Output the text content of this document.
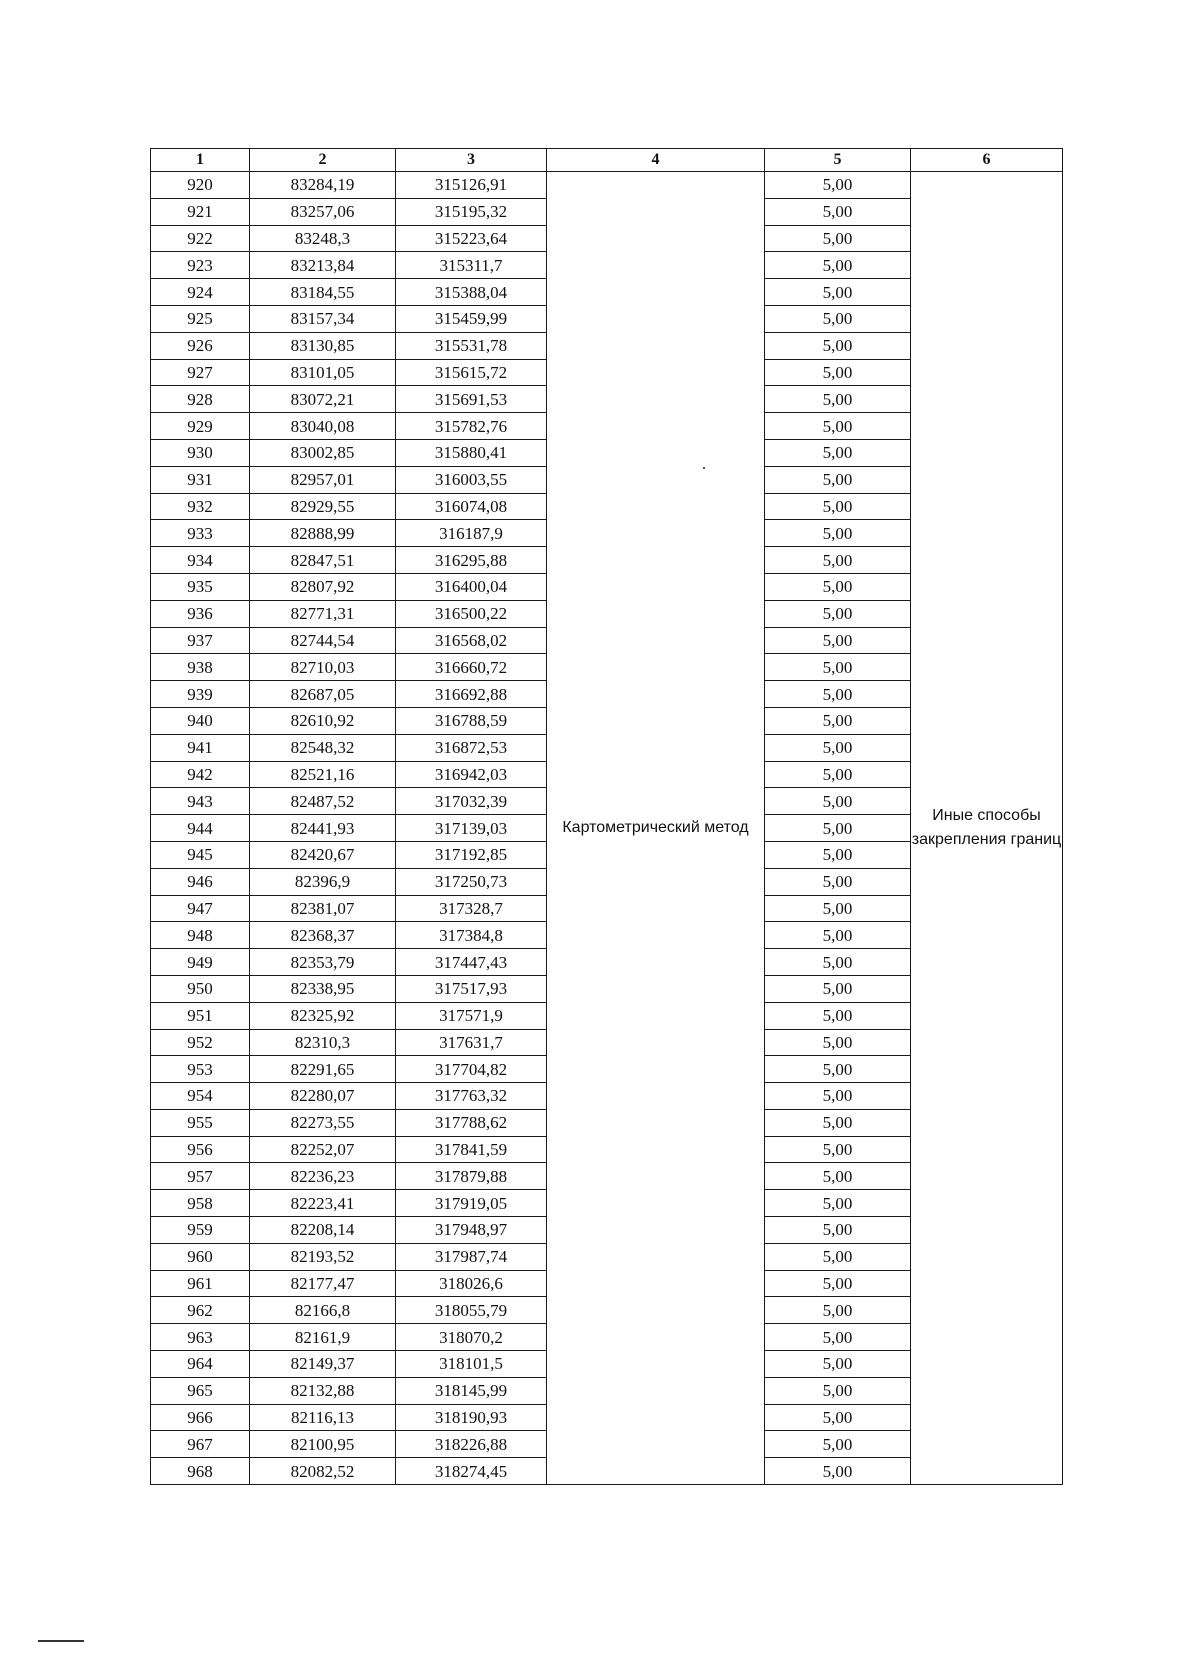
1	2	3	4	5	6
920	83284,19	315126,91	Картометрический метод	5,00	Иные способы закрепления границ
921	83257,06	315195,32		5,00	
922	83248,3	315223,64		5,00	
923	83213,84	315311,7		5,00	
924	83184,55	315388,04		5,00	
925	83157,34	315459,99		5,00	
926	83130,85	315531,78		5,00	
927	83101,05	315615,72		5,00	
928	83072,21	315691,53		5,00	
929	83040,08	315782,76		5,00	
930	83002,85	315880,41		5,00	
931	82957,01	316003,55		5,00	
932	82929,55	316074,08		5,00	
933	82888,99	316187,9		5,00	
934	82847,51	316295,88		5,00	
935	82807,92	316400,04		5,00	
936	82771,31	316500,22		5,00	
937	82744,54	316568,02		5,00	
938	82710,03	316660,72		5,00	
939	82687,05	316692,88		5,00	
940	82610,92	316788,59		5,00	
941	82548,32	316872,53		5,00	
942	82521,16	316942,03		5,00	
943	82487,52	317032,39		5,00	
944	82441,93	317139,03		5,00	
945	82420,67	317192,85		5,00	
946	82396,9	317250,73		5,00	
947	82381,07	317328,7		5,00	
948	82368,37	317384,8		5,00	
949	82353,79	317447,43		5,00	
950	82338,95	317517,93		5,00	
951	82325,92	317571,9		5,00	
952	82310,3	317631,7		5,00	
953	82291,65	317704,82		5,00	
954	82280,07	317763,32		5,00	
955	82273,55	317788,62		5,00	
956	82252,07	317841,59		5,00	
957	82236,23	317879,88		5,00	
958	82223,41	317919,05		5,00	
959	82208,14	317948,97		5,00	
960	82193,52	317987,74		5,00	
961	82177,47	318026,6		5,00	
962	82166,8	318055,79		5,00	
963	82161,9	318070,2		5,00	
964	82149,37	318101,5		5,00	
965	82132,88	318145,99		5,00	
966	82116,13	318190,93		5,00	
967	82100,95	318226,88		5,00	
968	82082,52	318274,45		5,00	
